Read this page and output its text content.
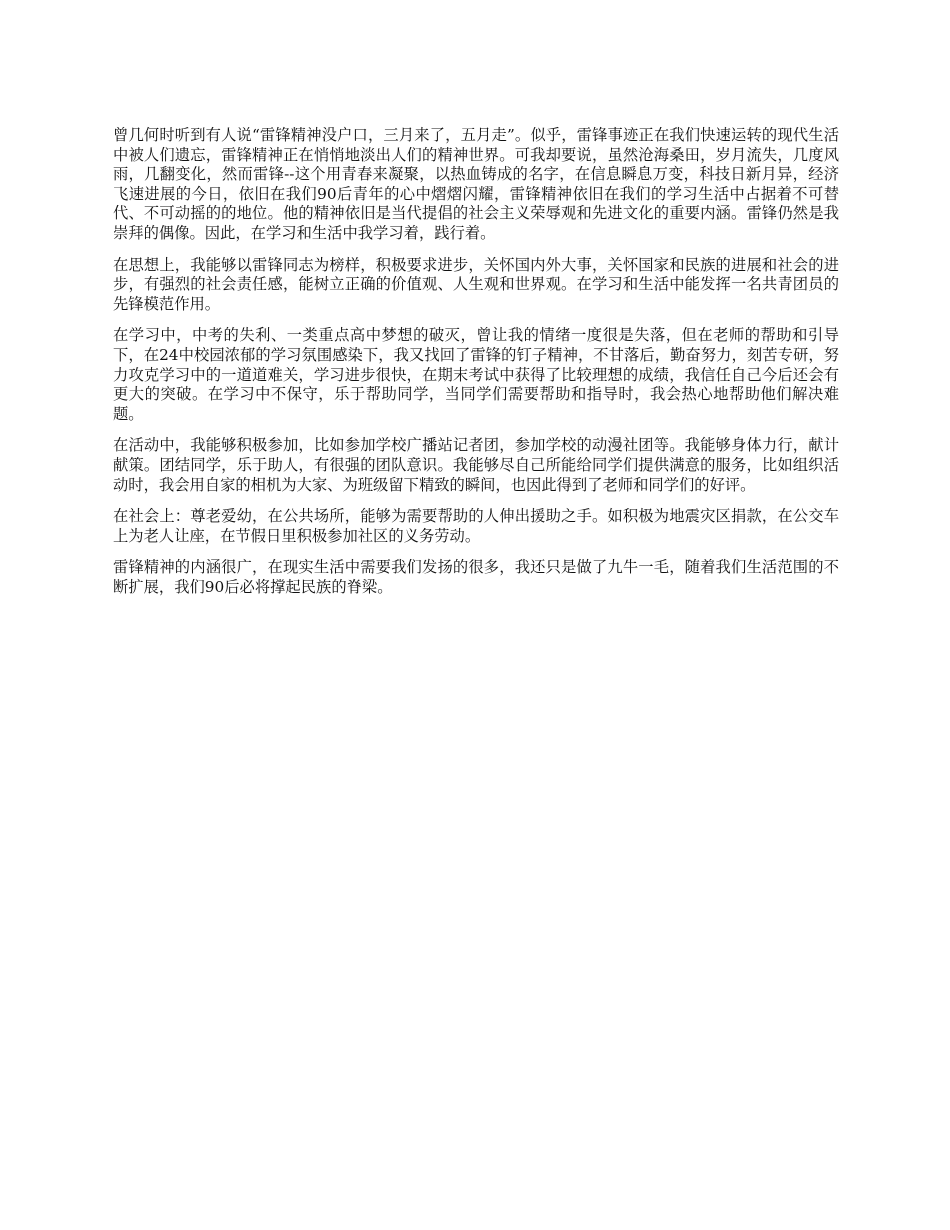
曾几何时听到有人说“雷锋精神没户口，三月来了，五月走”。似乎，雷锋事迹正在我们快速运转的现代生活中被人们遗忘，雷锋精神正在悄悄地淡出人们的精神世界。可我却要说，虽然沧海桑田，岁月流失，几度风雨，几翻变化，然而雷锋--这个用青春来凝聚，以热血铸成的名字，在信息瞬息万变，科技日新月异，经济飞速进展的今日，依旧在我们90后青年的心中熠熠闪耀，雷锋精神依旧在我们的学习生活中占据着不可替代、不可动摇的的地位。他的精神依旧是当代提倡的社会主义荣辱观和先进文化的重要内涵。雷锋仍然是我崇拜的偶像。因此，在学习和生活中我学习着，践行着。

在思想上，我能够以雷锋同志为榜样，积极要求进步，关怀国内外大事，关怀国家和民族的进展和社会的进步，有强烈的社会责任感，能树立正确的价值观、人生观和世界观。在学习和生活中能发挥一名共青团员的先锋模范作用。

在学习中，中考的失利、一类重点高中梦想的破灭，曾让我的情绪一度很是失落，但在老师的帮助和引导下，在24中校园浓郁的学习氛围感染下，我又找回了雷锋的钉子精神，不甘落后，勤奋努力，刻苦专研，努力攻克学习中的一道道难关，学习进步很快，在期末考试中获得了比较理想的成绩，我信任自己今后还会有更大的突破。在学习中不保守，乐于帮助同学，当同学们需要帮助和指导时，我会热心地帮助他们解决难题。

在活动中，我能够积极参加，比如参加学校广播站记者团，参加学校的动漫社团等。我能够身体力行，献计献策。团结同学，乐于助人，有很强的团队意识。我能够尽自己所能给同学们提供满意的服务，比如组织活动时，我会用自家的相机为大家、为班级留下精致的瞬间，也因此得到了老师和同学们的好评。

在社会上：尊老爱幼，在公共场所，能够为需要帮助的人伸出援助之手。如积极为地震灾区捐款，在公交车上为老人让座，在节假日里积极参加社区的义务劳动。

雷锋精神的内涵很广，在现实生活中需要我们发扬的很多，我还只是做了九牛一毛，随着我们生活范围的不断扩展，我们90后必将撑起民族的脊梁。
